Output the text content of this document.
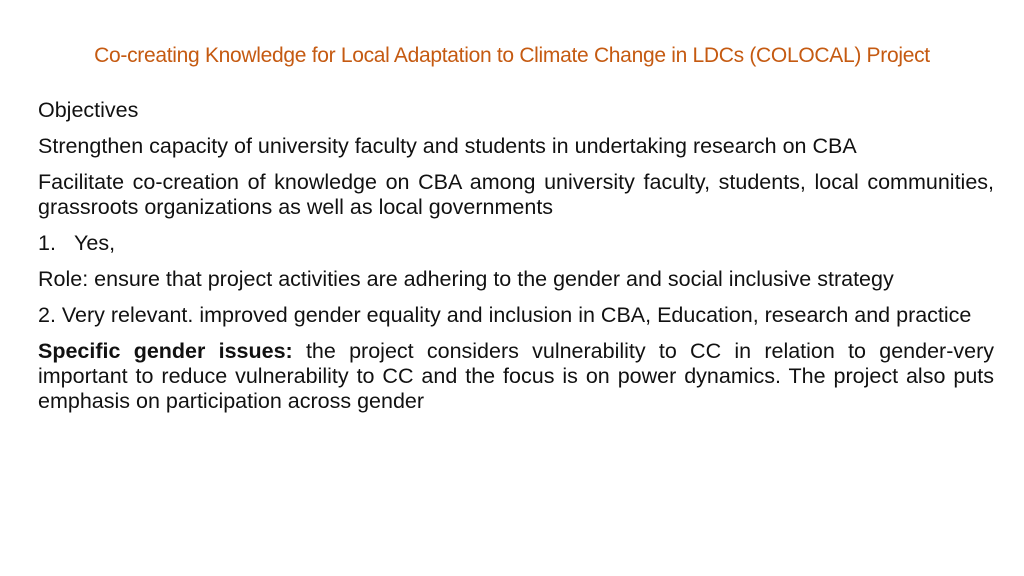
Co-creating Knowledge for Local Adaptation to Climate Change in LDCs (COLOCAL) Project

Objectives

Strengthen capacity of university faculty and students in undertaking research on CBA

Facilitate co-creation of knowledge on CBA among university faculty, students, local communities, grassroots organizations as well as local governments

1. Yes,

Role: ensure that project activities are adhering to the gender and social inclusive strategy

2. Very relevant. improved gender equality and inclusion in CBA, Education, research and practice

Specific gender issues: the project considers vulnerability to CC in relation to gender-very important to reduce vulnerability to CC and the focus is on power dynamics. The project also puts emphasis on participation across gender
